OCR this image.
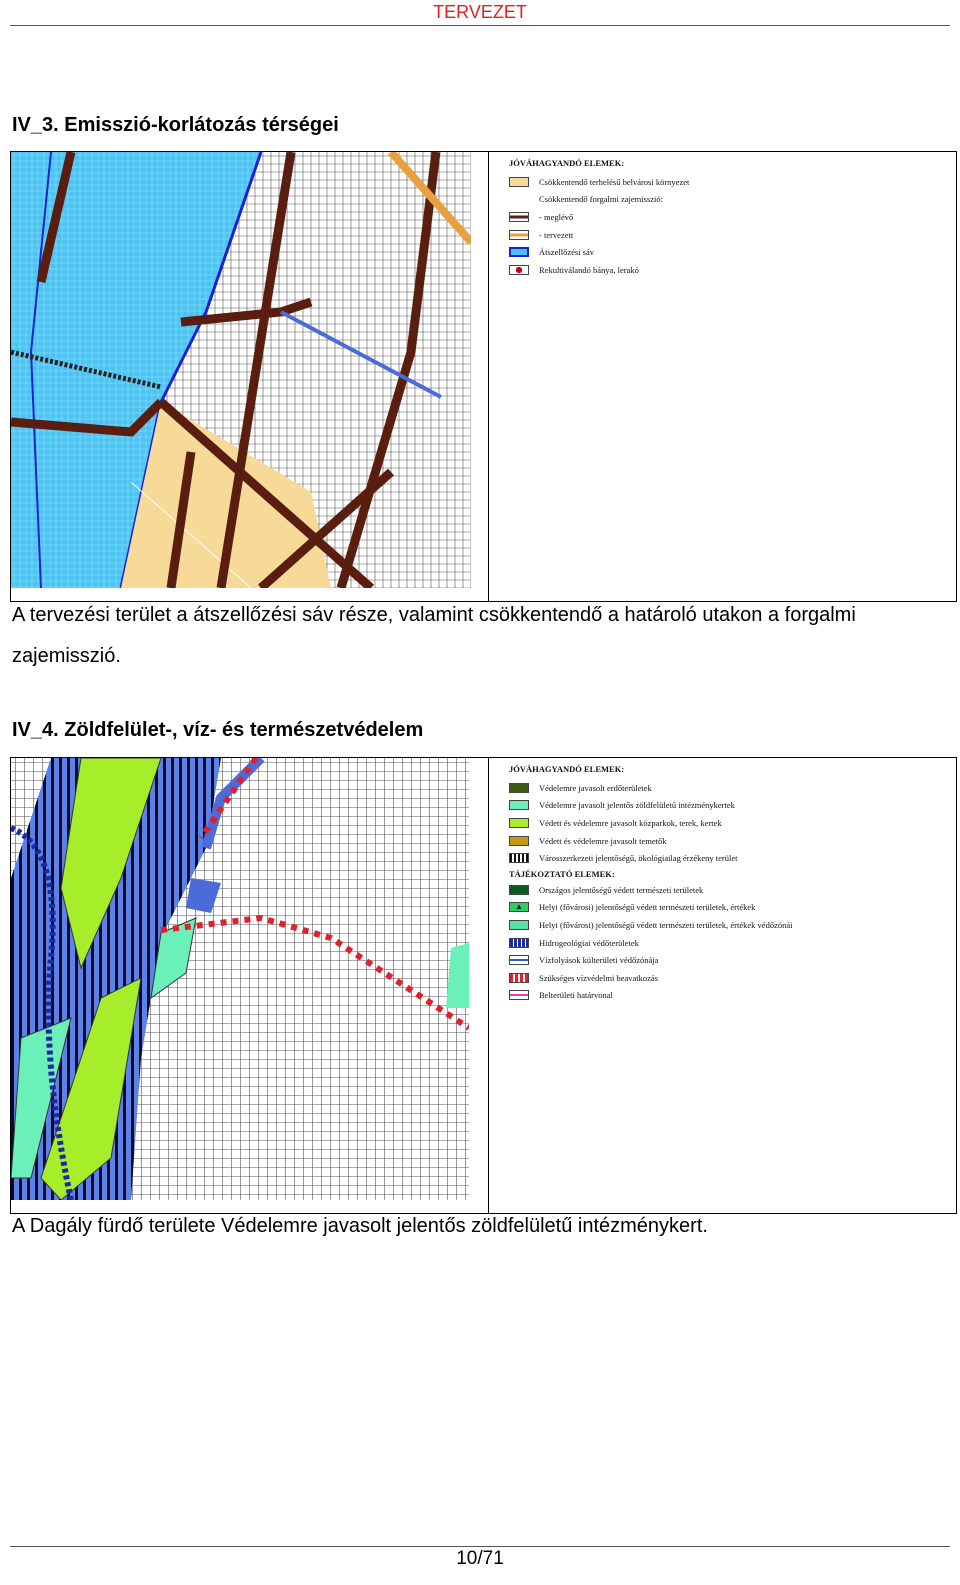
TERVEZET
IV_3. Emisszió-korlátozás térségei
JÓVÁHAGYANDÓ ELEMEK:
Csökkentendő terhelésű belvárosi környezet
Csökkentendő forgalmi zajemisszió:
- meglévő
- tervezett
Átszellőzési sáv
Rekultiválandó bánya, lerakó
A tervezési terület a átszellőzési sáv része, valamint csökkentendő a határoló utakon a forgalmi zajemisszió.
IV_4. Zöldfelület-, víz- és természetvédelem
JÓVÁHAGYANDÓ ELEMEK:
Védelemre javasolt erdőterületek
Védelemre javasolt jelentős zöldfelületű intézménykertek
Védett és védelemre javasolt közparkok, terek, kertek
Védett és védelemre javasolt temetők
Városszerkezeti jelentőségű, ökológiailag érzékeny terület
TÁJÉKOZTATÓ ELEMEK:
Országos jelentőségű védett természeti területek
▲	Helyi (fővárosi) jelentőségű védett természeti területek, értékek
Helyi (fővárosi) jelentőségű védett természeti területek, értékek védőzónái
Hidrogeológiai védőterületek
Vízfolyások külterületi védőzónája
Szükséges vízvédelmi beavatkozás
Belterületi határvonal
A Dagály fürdő területe Védelemre javasolt jelentős zöldfelületű intézménykert.
10/71
